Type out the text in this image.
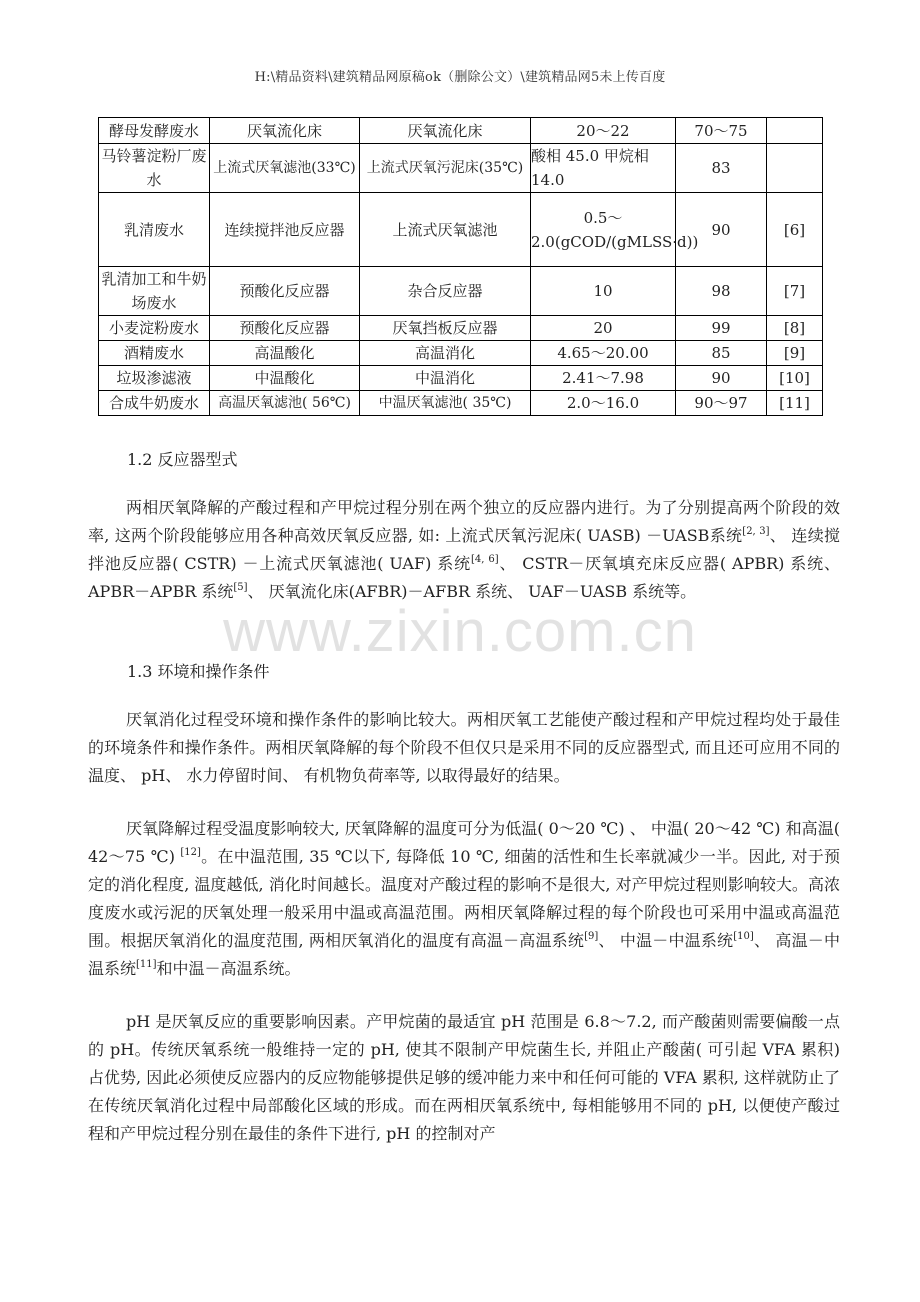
H:\精品资料\建筑精品网原稿ok（删除公文）\建筑精品网5未上传百度
酵母发酵废水	厌氧流化床	厌氧流化床	20～22	70～75	
马铃薯淀粉厂废水	上流式厌氧滤池(33℃)	上流式厌氧污泥床(35℃)	酸相 45.0 甲烷相 14.0	83	
乳清废水	连续搅拌池反应器	上流式厌氧滤池	0.5～2.0(gCOD/(gMLSS·d))	90	[6]
乳清加工和牛奶场废水	预酸化反应器	杂合反应器	10	98	[7]
小麦淀粉废水	预酸化反应器	厌氧挡板反应器	20	99	[8]
酒精废水	高温酸化	高温消化	4.65～20.00	85	[9]
垃圾渗滤液	中温酸化	中温消化	2.41～7.98	90	[10]
合成牛奶废水	高温厌氧滤池( 56℃)	中温厌氧滤池( 35℃)	2.0～16.0	90～97	[11]
1.2 反应器型式
两相厌氧降解的产酸过程和产甲烷过程分别在两个独立的反应器内进行。为了分别提高两个阶段的效率, 这两个阶段能够应用各种高效厌氧反应器, 如: 上流式厌氧污泥床( UASB) －UASB系统[2, 3]、 连续搅拌池反应器( CSTR) －上流式厌氧滤池( UAF) 系统[4, 6]、 CSTR－厌氧填充床反应器( APBR) 系统、 APBR－APBR 系统[5]、 厌氧流化床(AFBR)－AFBR 系统、 UAF－UASB 系统等。
www.zixin.com.cn
1.3 环境和操作条件
厌氧消化过程受环境和操作条件的影响比较大。两相厌氧工艺能使产酸过程和产甲烷过程均处于最佳的环境条件和操作条件。两相厌氧降解的每个阶段不但仅只是采用不同的反应器型式, 而且还可应用不同的温度、 pH、 水力停留时间、 有机物负荷率等, 以取得最好的结果。
厌氧降解过程受温度影响较大, 厌氧降解的温度可分为低温( 0～20 ℃) 、 中温( 20～42 ℃) 和高温( 42～75 ℃) [12]。在中温范围, 35 ℃以下, 每降低 10 ℃, 细菌的活性和生长率就减少一半。因此, 对于预定的消化程度, 温度越低, 消化时间越长。温度对产酸过程的影响不是很大, 对产甲烷过程则影响较大。高浓度废水或污泥的厌氧处理一般采用中温或高温范围。两相厌氧降解过程的每个阶段也可采用中温或高温范围。根据厌氧消化的温度范围, 两相厌氧消化的温度有高温－高温系统[9]、 中温－中温系统[10]、 高温－中温系统[11]和中温－高温系统。
pH 是厌氧反应的重要影响因素。产甲烷菌的最适宜 pH 范围是 6.8～7.2, 而产酸菌则需要偏酸一点的 pH。传统厌氧系统一般维持一定的 pH, 使其不限制产甲烷菌生长, 并阻止产酸菌( 可引起 VFA 累积) 占优势, 因此必须使反应器内的反应物能够提供足够的缓冲能力来中和任何可能的 VFA 累积, 这样就防止了在传统厌氧消化过程中局部酸化区域的形成。而在两相厌氧系统中, 每相能够用不同的 pH, 以便使产酸过程和产甲烷过程分别在最佳的条件下进行, pH 的控制对产
